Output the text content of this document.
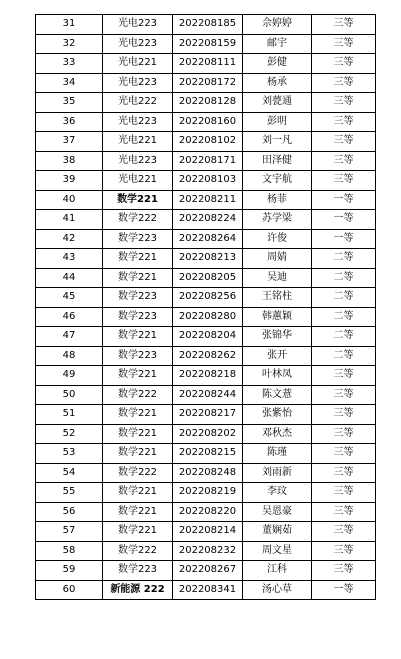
31	光电223	202208185	佘婷婷	三等
32	光电223	202208159	邮宇	三等
33	光电221	202208111	彭健	三等
34	光电223	202208172	杨承	三等
35	光电222	202208128	刘甍通	三等
36	光电223	202208160	彭明	三等
37	光电221	202208102	刘一凡	三等
38	光电223	202208171	田泽健	三等
39	光电221	202208103	文宇航	三等
40	数学221	202208211	杨菲	一等
41	数学222	202208224	苏学梁	一等
42	数学223	202208264	许俊	一等
43	数学221	202208213	周婧	二等
44	数学221	202208205	吴迪	二等
45	数学223	202208256	王铭柱	二等
46	数学223	202208280	韩蕙颖	二等
47	数学221	202208204	张锦华	二等
48	数学223	202208262	张开	二等
49	数学221	202208218	叶林凤	三等
50	数学222	202208244	陈文薏	三等
51	数学221	202208217	张紫怡	三等
52	数学221	202208202	邓秋杰	三等
53	数学221	202208215	陈瑾	三等
54	数学222	202208248	刘雨新	三等
55	数学221	202208219	李玟	三等
56	数学221	202208220	吴恩豪	三等
57	数学221	202208214	董娴茹	三等
58	数学222	202208232	周文星	三等
59	数学223	202208267	江科	三等
60	新能源 222	202208341	汤心草	一等
